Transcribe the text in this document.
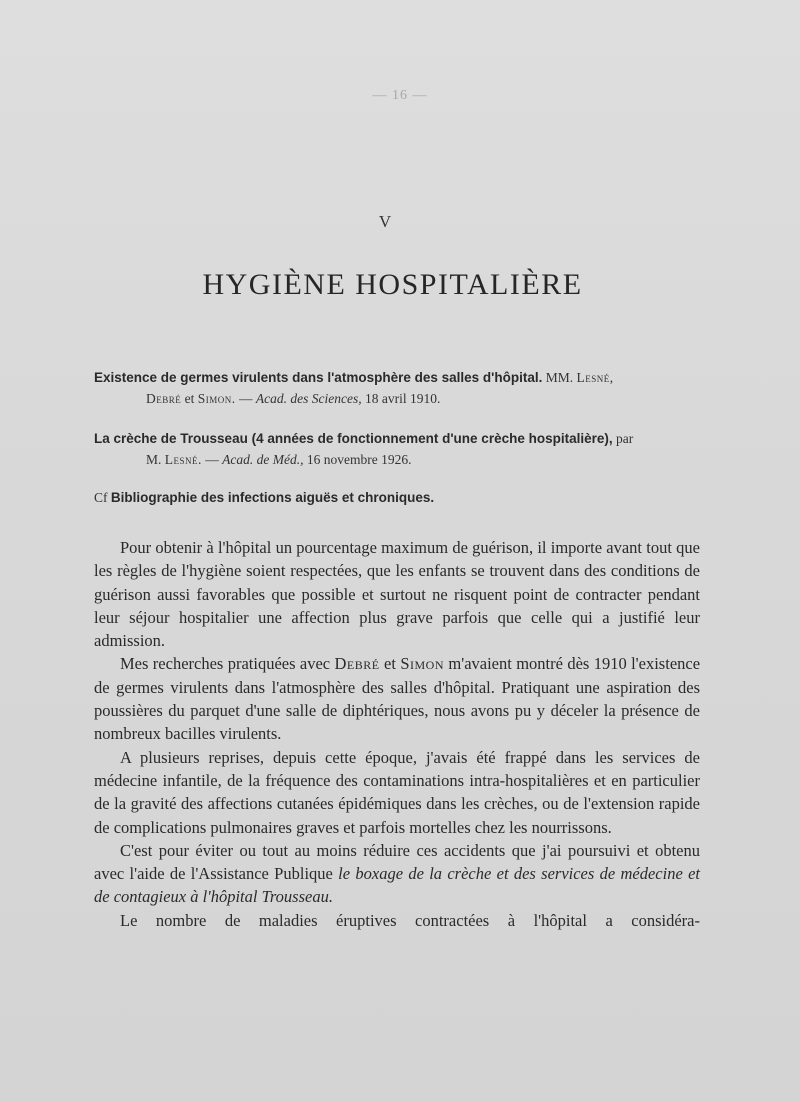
— 16 —
V
HYGIÈNE HOSPITALIÈRE
Existence de germes virulents dans l'atmosphère des salles d'hôpital. MM. Lesné,
Debré et Simon. — Acad. des Sciences, 18 avril 1910.
La crèche de Trousseau (4 années de fonctionnement d'une crèche hospitalière), par
M. Lesné. — Acad. de Méd., 16 novembre 1926.
Cf Bibliographie des infections aiguës et chroniques.

Pour obtenir à l'hôpital un pourcentage maximum de guérison, il importe avant tout que les règles de l'hygiène soient respectées, que les enfants se trouvent dans des conditions de guérison aussi favorables que possible et surtout ne risquent point de contracter pendant leur séjour hospitalier une affection plus grave parfois que celle qui a justifié leur admission.

Mes recherches pratiquées avec Debré et Simon m'avaient montré dès 1910 l'existence de germes virulents dans l'atmosphère des salles d'hôpital. Pratiquant une aspiration des poussières du parquet d'une salle de diphtériques, nous avons pu y déceler la présence de nombreux bacilles virulents.

A plusieurs reprises, depuis cette époque, j'avais été frappé dans les services de médecine infantile, de la fréquence des contaminations intra-hospitalières et en particulier de la gravité des affections cutanées épidémiques dans les crèches, ou de l'extension rapide de complications pulmonaires graves et parfois mortelles chez les nourrissons.

C'est pour éviter ou tout au moins réduire ces accidents que j'ai poursuivi et obtenu avec l'aide de l'Assistance Publique le boxage de la crèche et des services de médecine et de contagieux à l'hôpital Trousseau.

Le nombre de maladies éruptives contractées à l'hôpital a considéra-
